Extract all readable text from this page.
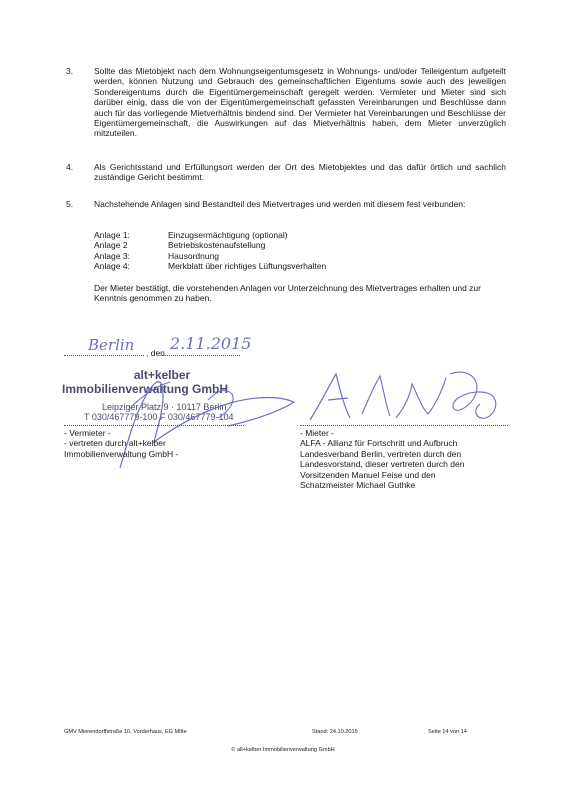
3. Sollte das Mietobjekt nach dem Wohnungseigentumsgesetz in Wohnungs- und/oder Teileigentum aufgeteilt werden, können Nutzung und Gebrauch des gemeinschaftlichen Eigentums sowie auch des jeweiligen Sondereigentums durch die Eigentümergemeinschaft geregelt werden. Vermieter und Mieter sind sich darüber einig, dass die von der Eigentümergemeinschaft gefassten Vereinbarungen und Beschlüsse dann auch für das vorliegende Mietverhältnis bindend sind. Der Vermieter hat Vereinbarungen und Beschlüsse der Eigentümergemeinschaft, die Auswirkungen auf das Mietverhältnis haben, dem Mieter unverzüglich mitzuteilen.
4. Als Gerichtsstand und Erfüllungsort werden der Ort des Mietobjektes und das dafür örtlich und sachlich zuständige Gericht bestimmt.
5. Nachstehende Anlagen sind Bestandteil des Mietvertrages und werden mit diesem fest verbunden:
Anlage 1:	Einzugsermächtigung (optional)
Anlage 2	Betriebskostenaufstellung
Anlage 3:	Hausordnung
Anlage 4:	Merkblatt über richtiges Lüftungsverhalten
Der Mieter bestätigt, die vorstehenden Anlagen vor Unterzeichnung des Mietvertrages erhalten und zur Kenntnis genommen zu haben.
Berlin , den 2.11.2015
alt+kelber
Immobilienverwaltung GmbH
Leipziger Platz 9 · 10117 Berlin
T 030/467779-100 F 030/467779-104
- Vermieter -
- vertreten durch alt+kelber
Immobilienverwaltung GmbH -
- Mieter -
ALFA - Allianz für Fortschritt und Aufbruch
Landesverband Berlin, vertreten durch den
Landesvorstand, dieser vertreten durch den
Vorsitzenden Manuel Feise und den
Schatzmeister Michael Guthke
GMV Mierendorffstraße 10, Vorderhaus, EG Mitte	Stand: 24.10.2015	Seite 14 von 14
© alt+kelber Immobilienverwaltung GmbH
